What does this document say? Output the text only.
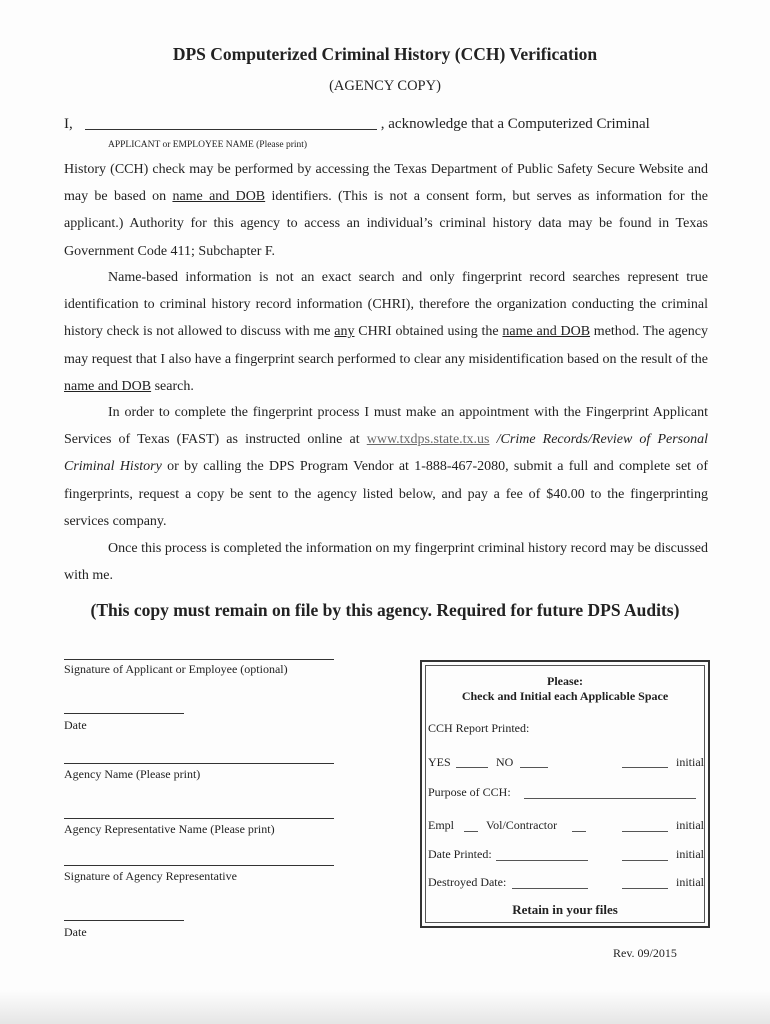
DPS Computerized Criminal History (CCH) Verification
(AGENCY COPY)
I,	, acknowledge that a Computerized Criminal
APPLICANT or EMPLOYEE NAME (Please print)

History (CCH) check may be performed by accessing the Texas Department of Public Safety Secure Website and may be based on name and DOB identifiers. (This is not a consent form, but serves as information for the applicant.) Authority for this agency to access an individual’s criminal history data may be found in Texas Government Code 411; Subchapter F.

Name-based information is not an exact search and only fingerprint record searches represent true identification to criminal history record information (CHRI), therefore the organization conducting the criminal history check is not allowed to discuss with me any CHRI obtained using the name and DOB method. The agency may request that I also have a fingerprint search performed to clear any misidentification based on the result of the name and DOB search.

In order to complete the fingerprint process I must make an appointment with the Fingerprint Applicant Services of Texas (FAST) as instructed online at www.txdps.state.tx.us /Crime Records/Review of Personal Criminal History or by calling the DPS Program Vendor at 1-888-467-2080, submit a full and complete set of fingerprints, request a copy be sent to the agency listed below, and pay a fee of $40.00 to the fingerprinting services company.

Once this process is completed the information on my fingerprint criminal history record may be discussed with me.

(This copy must remain on file by this agency. Required for future DPS Audits)
Signature of Applicant or Employee (optional)
Date
Agency Name (Please print)
Agency Representative Name (Please print)
Signature of Agency Representative
Date
Please:
Check and Initial each Applicable Space
CCH Report Printed:
YES	NO	initial
Purpose of CCH:
Empl	Vol/Contractor	initial
Date Printed:	initial
Destroyed Date:	initial
Retain in your files
Rev. 09/2015
